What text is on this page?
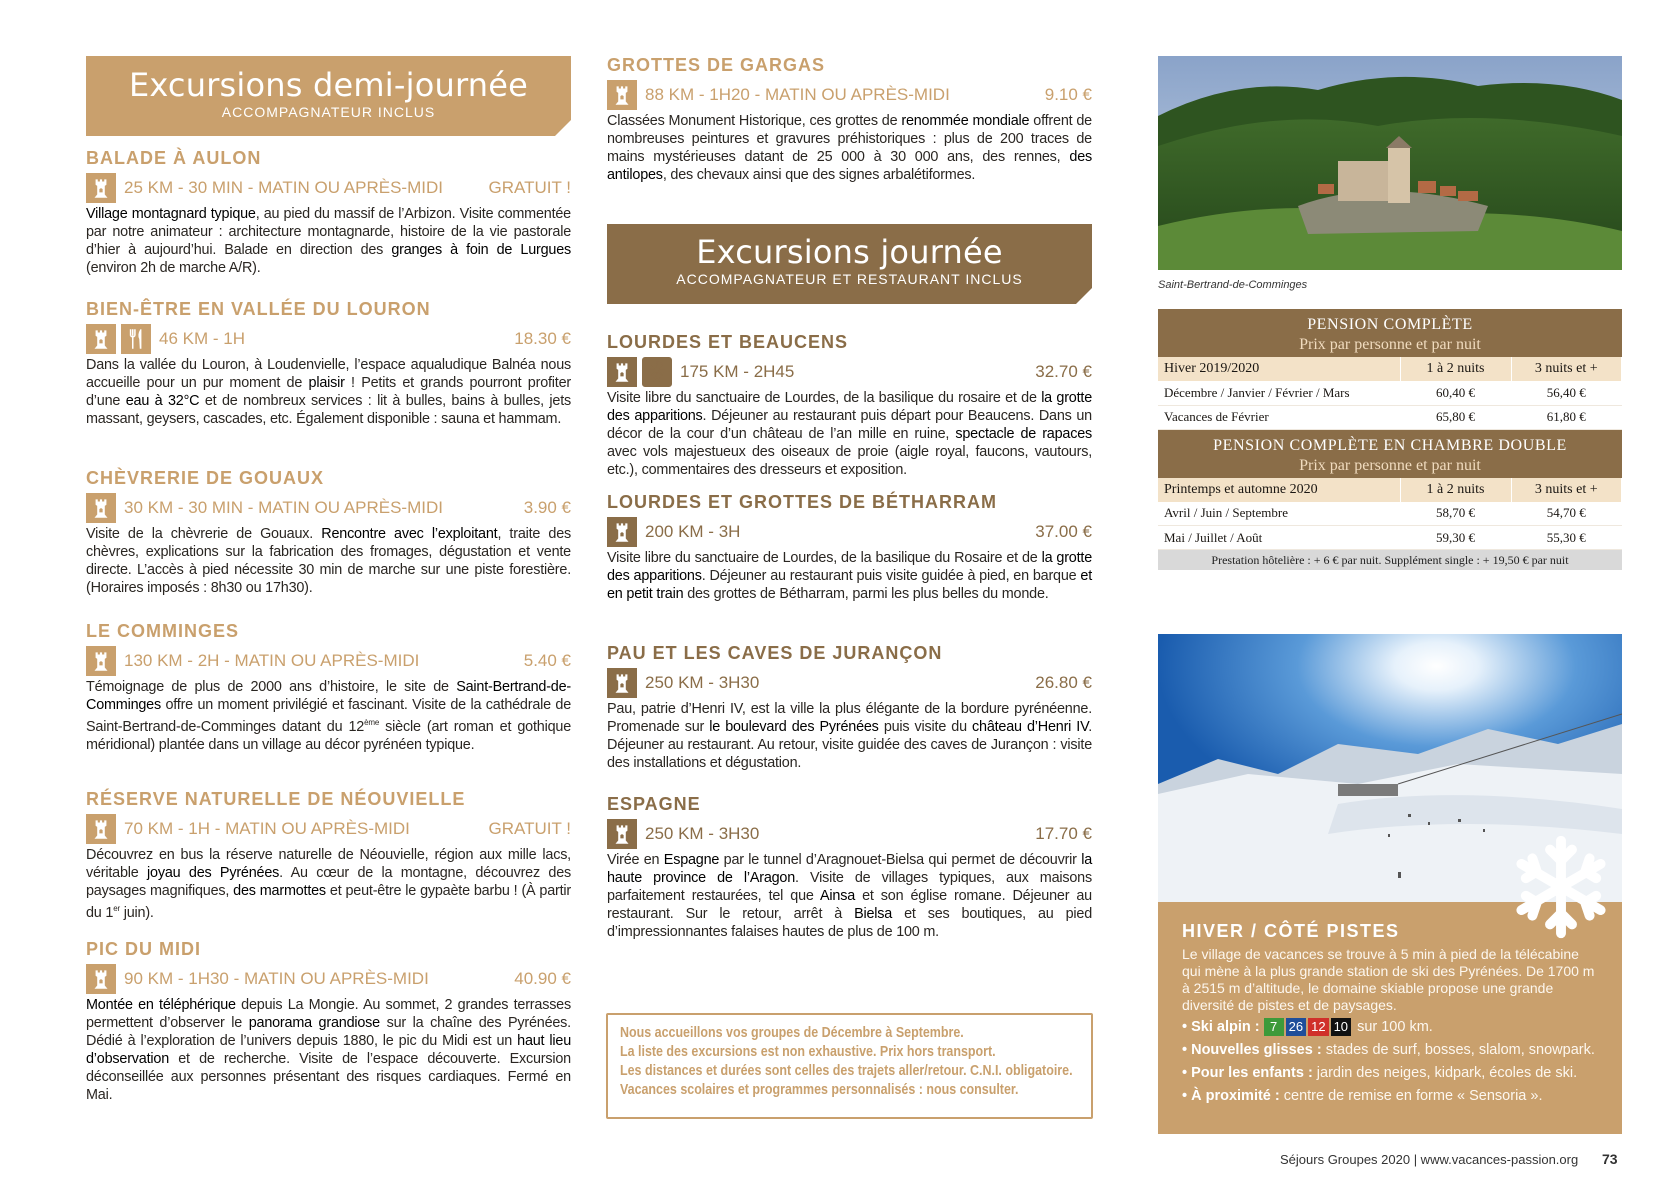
Excursions demi-journée
ACCOMPAGNATEUR INCLUS
BALADE À AULON
25 KM - 30 MIN - MATIN OU APRÈS-MIDI	GRATUIT !

Village montagnard typique, au pied du massif de l’Arbizon. Visite commentée par notre animateur : architecture montagnarde, histoire de la vie pastorale d’hier à aujourd’hui. Balade en direction des granges à foin de Lurgues (environ 2h de marche A/R).

BIEN-ÊTRE EN VALLÉE DU LOURON
46 KM - 1H	18.30 €

Dans la vallée du Louron, à Loudenvielle, l’espace aqualudique Balnéa nous accueille pour un pur moment de plaisir ! Petits et grands pourront profiter d’une eau à 32°C et de nombreux services : lit à bulles, bains à bulles, jets massant, geysers, cascades, etc. Également disponible : sauna et hammam.

CHÈVRERIE DE GOUAUX
30 KM - 30 MIN - MATIN OU APRÈS-MIDI	3.90 €

Visite de la chèvrerie de Gouaux. Rencontre avec l’exploitant, traite des chèvres, explications sur la fabrication des fromages, dégustation et vente directe. L’accès à pied nécessite 30 min de marche sur une piste forestière. (Horaires imposés : 8h30 ou 17h30).

LE COMMINGES
130 KM - 2H - MATIN OU APRÈS-MIDI	5.40 €

Témoignage de plus de 2000 ans d’histoire, le site de Saint-Bertrand-de-Comminges offre un moment privilégié et fascinant. Visite de la cathédrale de Saint-Bertrand-de-Comminges datant du 12ème siècle (art roman et gothique méridional) plantée dans un village au décor pyrénéen typique.

RÉSERVE NATURELLE DE NÉOUVIELLE
70 KM - 1H - MATIN OU APRÈS-MIDI	GRATUIT !

Découvrez en bus la réserve naturelle de Néouvielle, région aux mille lacs, véritable joyau des Pyrénées. Au cœur de la montagne, découvrez des paysages magnifiques, des marmottes et peut-être le gypaète barbu ! (À partir du 1er juin).

PIC DU MIDI
90 KM - 1H30 - MATIN OU APRÈS-MIDI	40.90 €

Montée en téléphérique depuis La Mongie. Au sommet, 2 grandes terrasses permettent d’observer le panorama grandiose sur la chaîne des Pyrénées. Dédié à l’exploration de l’univers depuis 1880, le pic du Midi est un haut lieu d’observation et de recherche. Visite de l’espace découverte. Excursion déconseillée aux personnes présentant des risques cardiaques. Fermé en Mai.

GROTTES DE GARGAS
88 KM - 1H20 - MATIN OU APRÈS-MIDI	9.10 €

Classées Monument Historique, ces grottes de renommée mondiale offrent de nombreuses peintures et gravures préhistoriques : plus de 200 traces de mains mystérieuses datant de 25 000 à 30 000 ans, des rennes, des antilopes, des chevaux ainsi que des signes arbalétiformes.

Excursions journée
ACCOMPAGNATEUR ET RESTAURANT INCLUS
LOURDES ET BEAUCENS
175 KM - 2H45	32.70 €

Visite libre du sanctuaire de Lourdes, de la basilique du rosaire et de la grotte des apparitions. Déjeuner au restaurant puis départ pour Beaucens. Dans un décor de la cour d’un château de l’an mille en ruine, spectacle de rapaces avec vols majestueux des oiseaux de proie (aigle royal, faucons, vautours, etc.), commentaires des dresseurs et exposition.

LOURDES ET GROTTES DE BÉTHARRAM
200 KM - 3H	37.00 €

Visite libre du sanctuaire de Lourdes, de la basilique du Rosaire et de la grotte des apparitions. Déjeuner au restaurant puis visite guidée à pied, en barque et en petit train des grottes de Bétharram, parmi les plus belles du monde.

PAU ET LES CAVES DE JURANÇON
250 KM - 3H30	26.80 €

Pau, patrie d’Henri IV, est la ville la plus élégante de la bordure pyrénéenne. Promenade sur le boulevard des Pyrénées puis visite du château d’Henri IV. Déjeuner au restaurant. Au retour, visite guidée des caves de Jurançon : visite des installations et dégustation.

ESPAGNE
250 KM - 3H30	17.70 €

Virée en Espagne par le tunnel d’Aragnouet-Bielsa qui permet de découvrir la haute province de l’Aragon. Visite de villages typiques, aux maisons parfaitement restaurées, tel que Ainsa et son église romane. Déjeuner au restaurant. Sur le retour, arrêt à Bielsa et ses boutiques, au pied d’impressionnantes falaises hautes de plus de 100 m.

Nous accueillons vos groupes de Décembre à Septembre.
La liste des excursions est non exhaustive. Prix hors transport.
Les distances et durées sont celles des trajets aller/retour. C.N.I. obligatoire.
Vacances scolaires et programmes personnalisés : nous consulter.
Saint-Bertrand-de-Comminges
PENSION COMPLÈTE
Prix par personne et par nuit
Hiver 2019/2020	1 à 2 nuits	3 nuits et +
Décembre / Janvier / Février / Mars	60,40 €	56,40 €
Vacances de Février	65,80 €	61,80 €
PENSION COMPLÈTE EN CHAMBRE DOUBLE
Prix par personne et par nuit
Printemps et automne 2020	1 à 2 nuits	3 nuits et +
Avril / Juin / Septembre	58,70 €	54,70 €
Mai / Juillet / Août	59,30 €	55,30 €
Prestation hôtelière : + 6 € par nuit. Supplément single : + 19,50 € par nuit
HIVER / CÔTÉ PISTES

Le village de vacances se trouve à 5 min à pied de la télécabine qui mène à la plus grande station de ski des Pyrénées. De 1700 m à 2515 m d’altitude, le domaine skiable propose une grande diversité de pistes et de paysages.

• Ski alpin : 7 26 12 10 sur 100 km.
• Nouvelles glisses : stades de surf, bosses, slalom, snowpark.
• Pour les enfants : jardin des neiges, kidpark, écoles de ski.
• À proximité : centre de remise en forme « Sensoria ».
Séjours Groupes 2020 | www.vacances-passion.org 73
